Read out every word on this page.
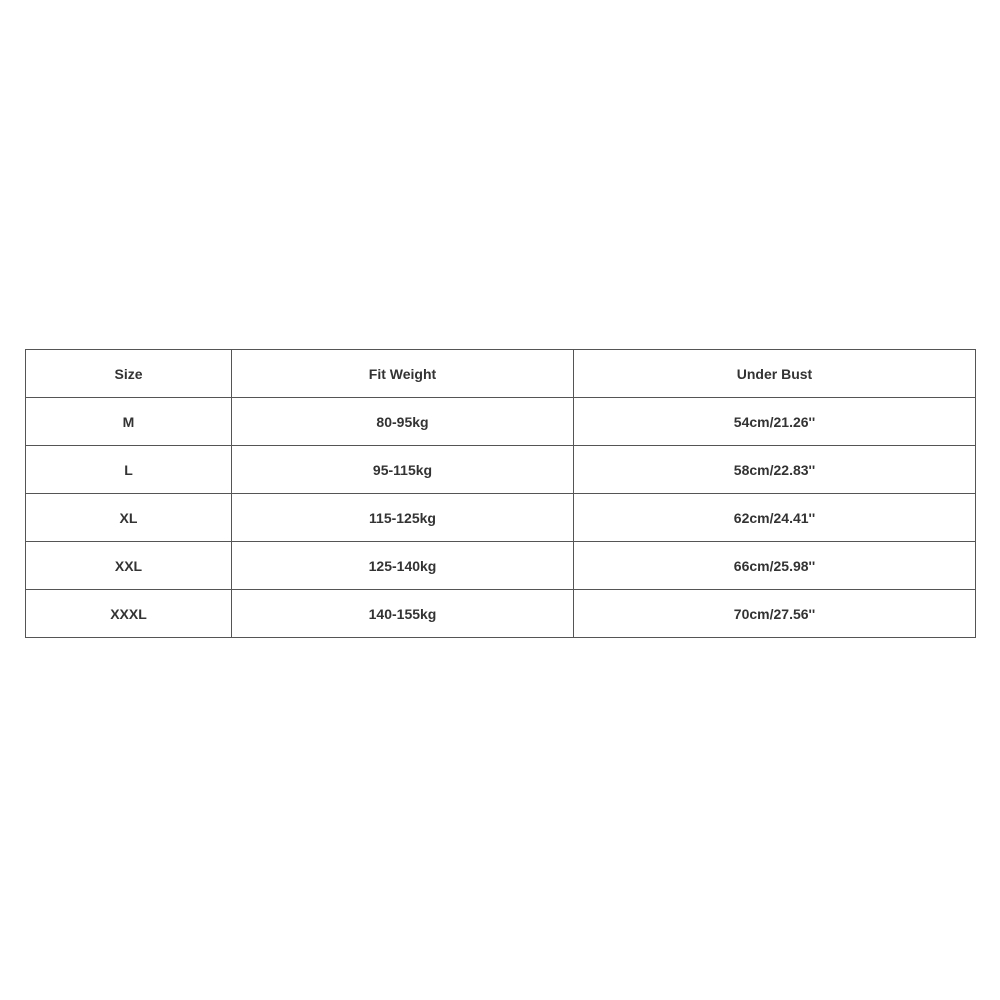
Size	Fit Weight	Under Bust
M	80-95kg	54cm/21.26''
L	95-115kg	58cm/22.83''
XL	115-125kg	62cm/24.41''
XXL	125-140kg	66cm/25.98''
XXXL	140-155kg	70cm/27.56''
